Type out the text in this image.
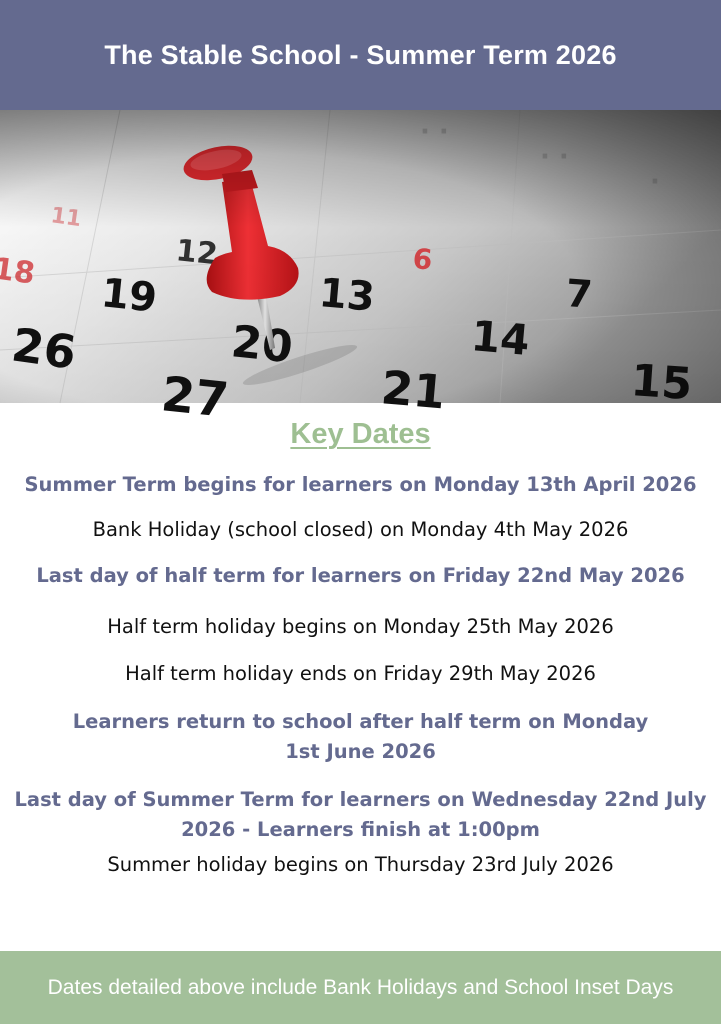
The Stable School - Summer Term 2026
Key Dates
Summer Term begins for learners on Monday 13th April 2026
Bank Holiday (school closed) on Monday 4th May 2026
Last day of half term for learners on Friday 22nd May 2026
Half term holiday begins on Monday 25th May 2026
Half term holiday ends on Friday 29th May 2026
Learners return to school after half term on Monday
1st June 2026
Last day of Summer Term for learners on Wednesday 22nd July
2026 - Learners finish at 1:00pm
Summer holiday begins on Thursday 23rd July 2026
Dates detailed above include Bank Holidays and School Inset Days
